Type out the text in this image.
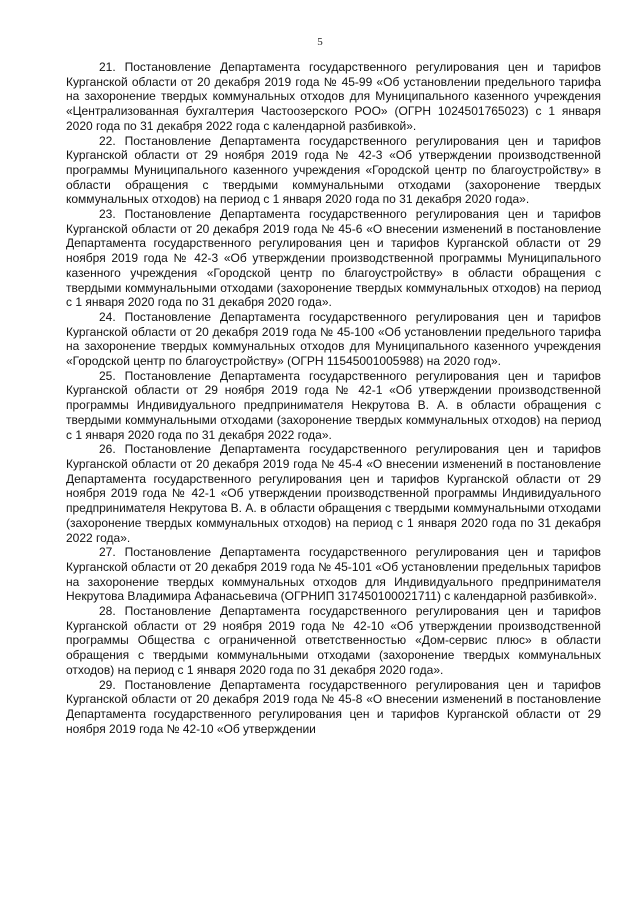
5

21. Постановление Департамента государственного регулирования цен и тарифов Курганской области от 20 декабря 2019 года № 45-99 «Об установлении предельного тарифа на захоронение твердых коммунальных отходов для Муниципального казенного учреждения «Централизованная бухгалтерия Частоозерского РОО» (ОГРН 1024501765023) с 1 января 2020 года по 31 декабря 2022 года с календарной разбивкой».

22. Постановление Департамента государственного регулирования цен и тарифов Курганской области от 29 ноября 2019 года № 42-3 «Об утверждении производственной программы Муниципального казенного учреждения «Городской центр по благоустройству» в области обращения с твердыми коммунальными отходами (захоронение твердых коммунальных отходов) на период с 1 января 2020 года по 31 декабря 2020 года».

23. Постановление Департамента государственного регулирования цен и тарифов Курганской области от 20 декабря 2019 года № 45-6 «О внесении изменений в постановление Департамента государственного регулирования цен и тарифов Курганской области от 29 ноября 2019 года № 42-3 «Об утверждении производственной программы Муниципального казенного учреждения «Городской центр по благоустройству» в области обращения с твердыми коммунальными отходами (захоронение твердых коммунальных отходов) на период с 1 января 2020 года по 31 декабря 2020 года».

24. Постановление Департамента государственного регулирования цен и тарифов Курганской области от 20 декабря 2019 года № 45-100 «Об установлении предельного тарифа на захоронение твердых коммунальных отходов для Муниципального казенного учреждения «Городской центр по благоустройству» (ОГРН 11545001005988) на 2020 год».

25. Постановление Департамента государственного регулирования цен и тарифов Курганской области от 29 ноября 2019 года № 42-1 «Об утверждении производственной программы Индивидуального предпринимателя Некрутова В. А. в области обращения с твердыми коммунальными отходами (захоронение твердых коммунальных отходов) на период с 1 января 2020 года по 31 декабря 2022 года».

26. Постановление Департамента государственного регулирования цен и тарифов Курганской области от 20 декабря 2019 года № 45-4 «О внесении изменений в постановление Департамента государственного регулирования цен и тарифов Курганской области от 29 ноября 2019 года № 42-1 «Об утверждении производственной программы Индивидуального предпринимателя Некрутова В. А. в области обращения с твердыми коммунальными отходами (захоронение твердых коммунальных отходов) на период с 1 января 2020 года по 31 декабря 2022 года».

27. Постановление Департамента государственного регулирования цен и тарифов Курганской области от 20 декабря 2019 года № 45-101 «Об установлении предельных тарифов на захоронение твердых коммунальных отходов для Индивидуального предпринимателя Некрутова Владимира Афанасьевича (ОГРНИП 317450100021711) с календарной разбивкой».

28. Постановление Департамента государственного регулирования цен и тарифов Курганской области от 29 ноября 2019 года № 42-10 «Об утверждении производственной программы Общества с ограниченной ответственностью «Дом-сервис плюс» в области обращения с твердыми коммунальными отходами (захоронение твердых коммунальных отходов) на период с 1 января 2020 года по 31 декабря 2020 года».

29. Постановление Департамента государственного регулирования цен и тарифов Курганской области от 20 декабря 2019 года № 45-8 «О внесении изменений в постановление Департамента государственного регулирования цен и тарифов Курганской области от 29 ноября 2019 года № 42-10 «Об утверждении
